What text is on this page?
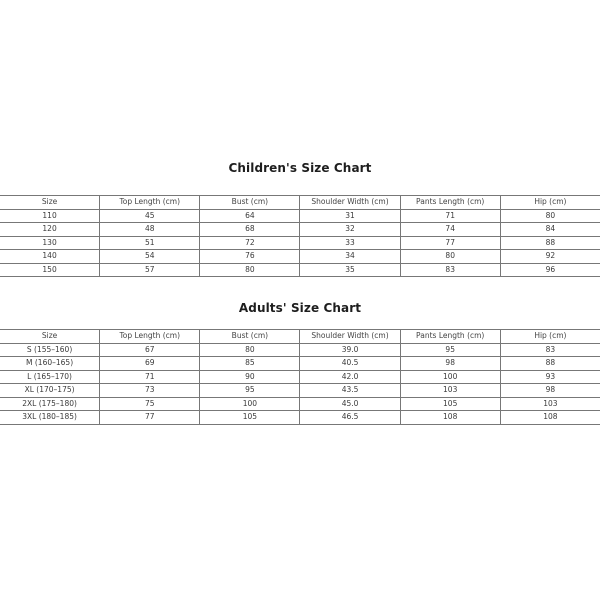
Children's Size Chart
Size	Top Length (cm)	Bust (cm)	Shoulder Width (cm)	Pants Length (cm)	Hip (cm)
110	45	64	31	71	80
120	48	68	32	74	84
130	51	72	33	77	88
140	54	76	34	80	92
150	57	80	35	83	96
Adults' Size Chart
Size	Top Length (cm)	Bust (cm)	Shoulder Width (cm)	Pants Length (cm)	Hip (cm)
S (155–160)	67	80	39.0	95	83
M (160–165)	69	85	40.5	98	88
L (165–170)	71	90	42.0	100	93
XL (170–175)	73	95	43.5	103	98
2XL (175–180)	75	100	45.0	105	103
3XL (180–185)	77	105	46.5	108	108
